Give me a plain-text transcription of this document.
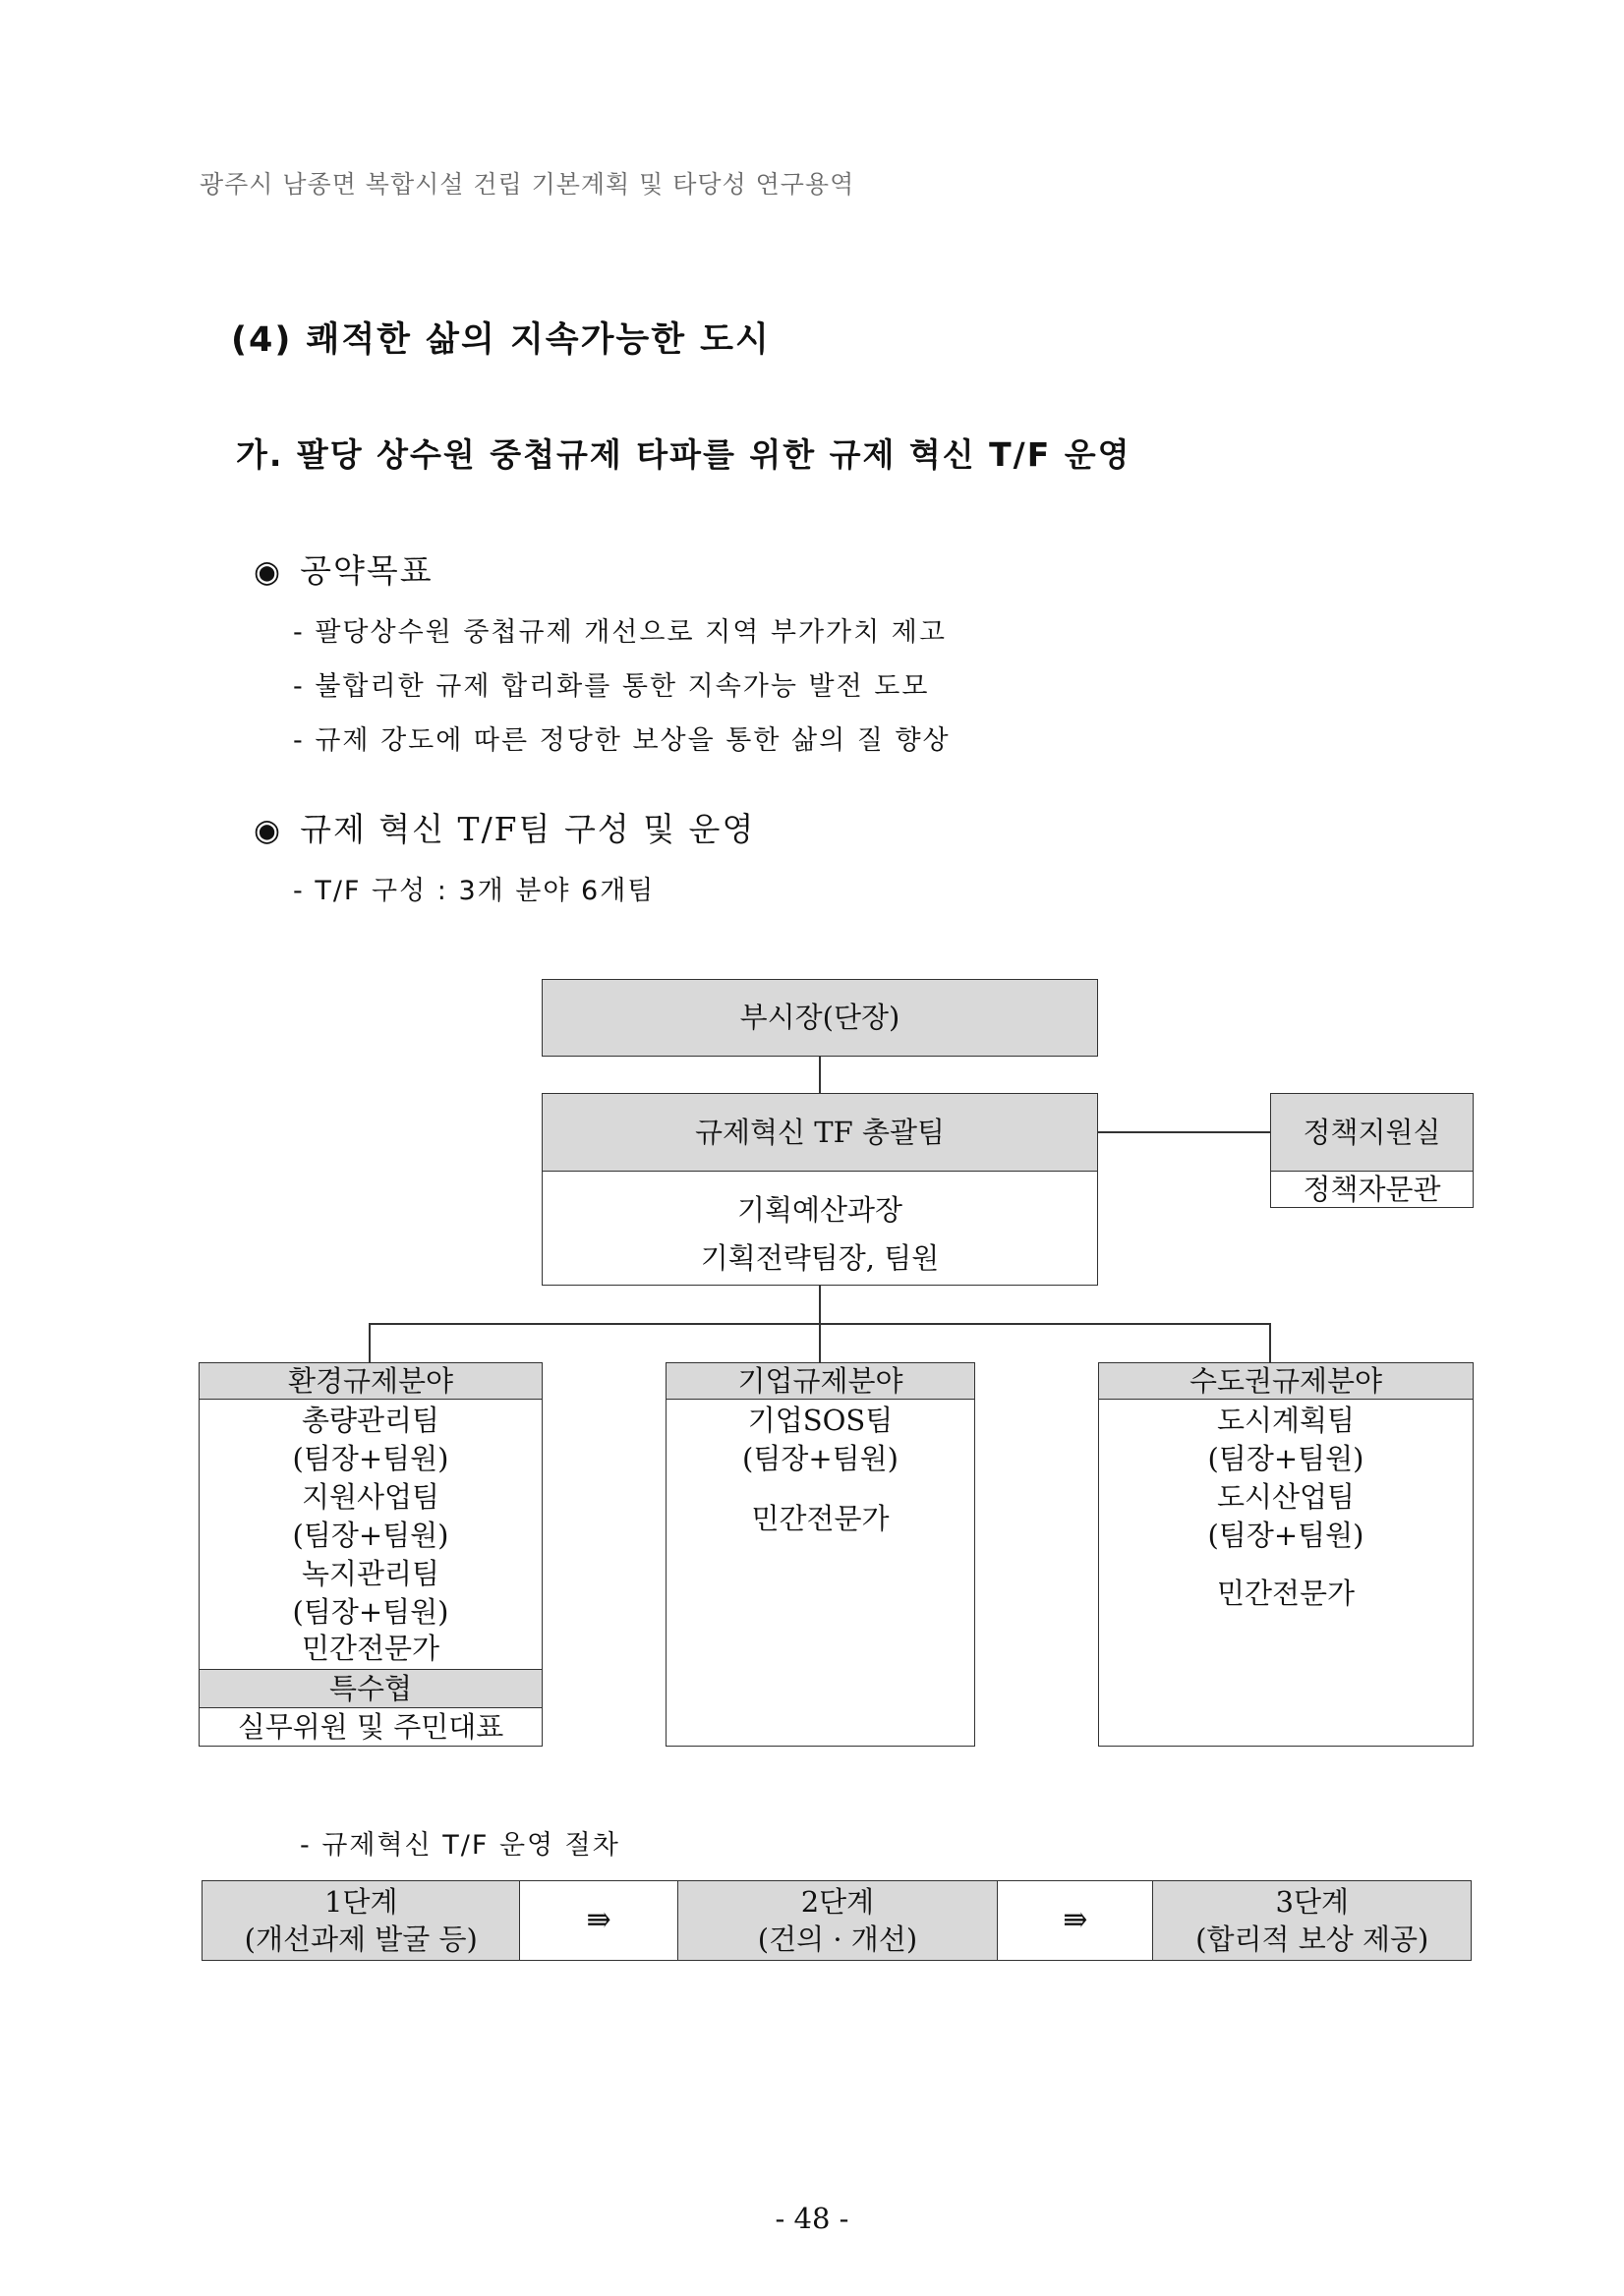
광주시 남종면 복합시설 건립 기본계획 및 타당성 연구용역
(4) 쾌적한 삶의 지속가능한 도시
가. 팔당 상수원 중첩규제 타파를 위한 규제 혁신 T/F 운영
◉ 공약목표
- 팔당상수원 중첩규제 개선으로 지역 부가가치 제고
- 불합리한 규제 합리화를 통한 지속가능 발전 도모
- 규제 강도에 따른 정당한 보상을 통한 삶의 질 향상
◉ 규제 혁신 T/F팀 구성 및 운영
- T/F 구성 : 3개 분야 6개팀
부시장(단장)
규제혁신 TF 총괄팀
기획예산과장
기획전략팀장, 팀원
정책지원실
정책자문관
환경규제분야
총량관리팀
(팀장+팀원)
지원사업팀
(팀장+팀원)
녹지관리팀
(팀장+팀원)
민간전문가
특수협
실무위원 및 주민대표
기업규제분야
기업SOS팀
(팀장+팀원)
민간전문가
수도권규제분야
도시계획팀
(팀장+팀원)
도시산업팀
(팀장+팀원)
민간전문가
- 규제혁신 T/F 운영 절차
1단계
(개선과제 발굴 등)
	⇛	
2단계
(건의 · 개선)
	⇛	
3단계
(합리적 보상 제공)
- 48 -
